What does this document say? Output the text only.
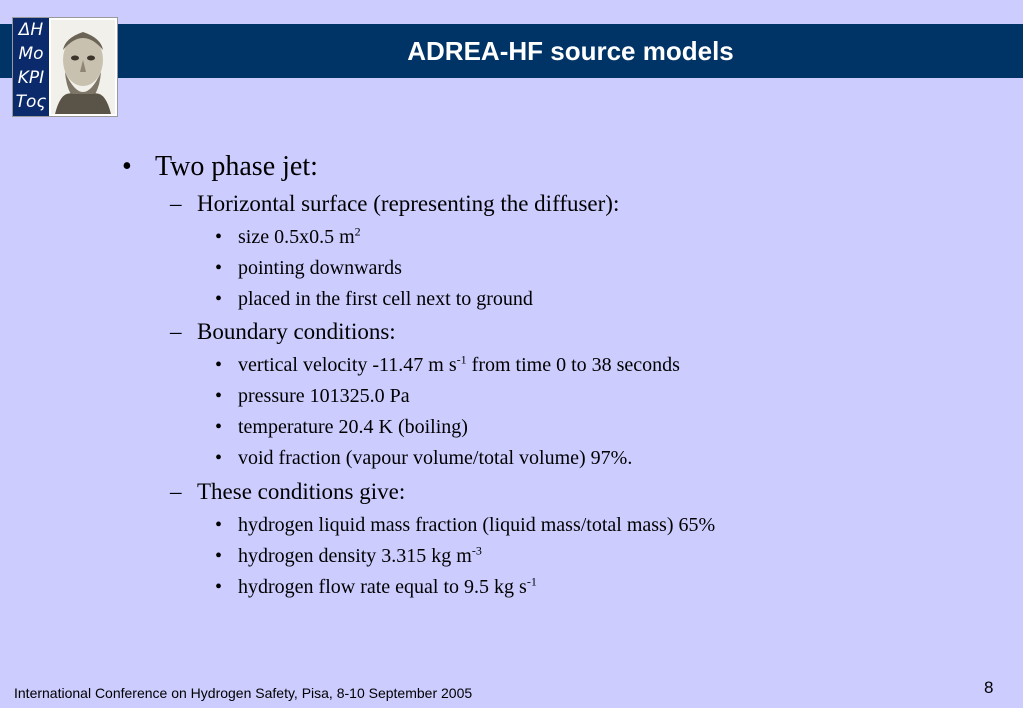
ADREA-HF source models
ΔΗ
Μο
ΚΡΙ
Τος
• Two phase jet:
– Horizontal surface (representing the diffuser):
• size 0.5x0.5 $m^2$
• pointing downwards
• placed in the first cell next to ground
– Boundary conditions:
• vertical velocity -11.47 m $s^{-1}$ from time 0 to 38 seconds
• pressure 101325.0 Pa
• temperature 20.4 K (boiling)
• void fraction (vapour volume/total volume) 97%.
– These conditions give:
• hydrogen liquid mass fraction (liquid mass/total mass) 65%
• hydrogen density 3.315 kg $m^{-3}$
• hydrogen flow rate equal to 9.5 kg $s^{-1}$
International Conference on Hydrogen Safety, Pisa, 8-10 September 2005	8
